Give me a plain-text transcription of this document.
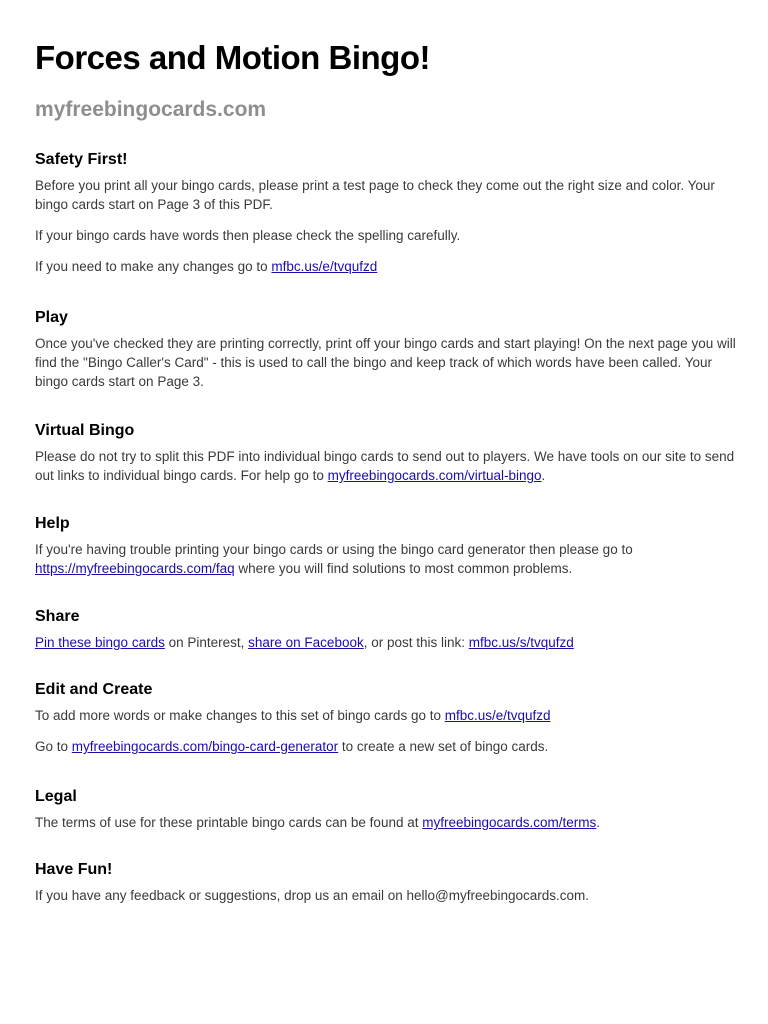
Forces and Motion Bingo!
myfreebingocards.com
Safety First!

Before you print all your bingo cards, please print a test page to check they come out the right size and color. Your bingo cards start on Page 3 of this PDF.

If your bingo cards have words then please check the spelling carefully.

If you need to make any changes go to mfbc.us/e/tvqufzd

Play

Once you've checked they are printing correctly, print off your bingo cards and start playing! On the next page you will find the "Bingo Caller's Card" - this is used to call the bingo and keep track of which words have been called. Your bingo cards start on Page 3.

Virtual Bingo

Please do not try to split this PDF into individual bingo cards to send out to players. We have tools on our site to send out links to individual bingo cards. For help go to myfreebingocards.com/virtual-bingo.

Help

If you're having trouble printing your bingo cards or using the bingo card generator then please go to https://myfreebingocards.com/faq where you will find solutions to most common problems.

Share

Pin these bingo cards on Pinterest, share on Facebook, or post this link: mfbc.us/s/tvqufzd

Edit and Create

To add more words or make changes to this set of bingo cards go to mfbc.us/e/tvqufzd

Go to myfreebingocards.com/bingo-card-generator to create a new set of bingo cards.

Legal

The terms of use for these printable bingo cards can be found at myfreebingocards.com/terms.

Have Fun!

If you have any feedback or suggestions, drop us an email on hello@myfreebingocards.com.
